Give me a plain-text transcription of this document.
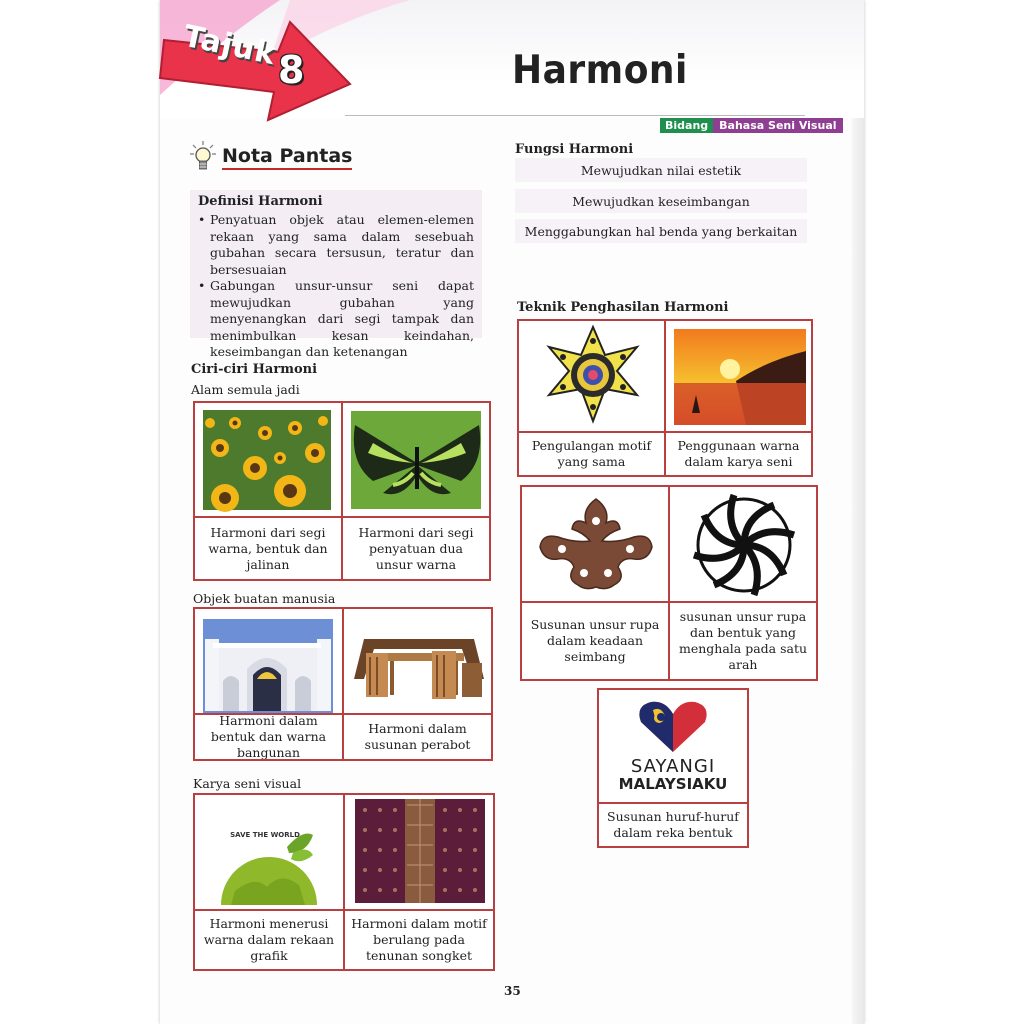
Tajuk
8	Harmoni
Bidang	Bahasa Seni Visual
Nota Pantas
Definisi Harmoni
• Penyatuan objek atau elemen-elemen rekaan yang sama dalam sesebuah gubahan secara tersusun, teratur dan bersesuaian
• Gabungan unsur-unsur seni dapat mewujudkan gubahan yang menyenangkan dari segi tampak dan menimbulkan kesan keindahan, keseimbangan dan ketenangan
Ciri-ciri Harmoni
Alam semula jadi
Harmoni dari segi warna, bentuk dan jalinan
Harmoni dari segi penyatuan dua unsur warna
Objek buatan manusia
Harmoni dalam bentuk dan warna bangunan
Harmoni dalam susunan perabot
Karya seni visual
SAVE THE WORLD
Harmoni menerusi warna dalam rekaan grafik
Harmoni dalam motif berulang pada tenunan songket
Fungsi Harmoni
Mewujudkan nilai estetik
Mewujudkan keseimbangan
Menggabungkan hal benda yang berkaitan
Teknik Penghasilan Harmoni
Pengulangan motif yang sama
Penggunaan warna dalam karya seni
Susunan unsur rupa dalam keadaan seimbang
susunan unsur rupa dan bentuk yang menghala pada satu arah
SAYANGI
MALAYSIAKU
Susunan huruf-huruf dalam reka bentuk
35
